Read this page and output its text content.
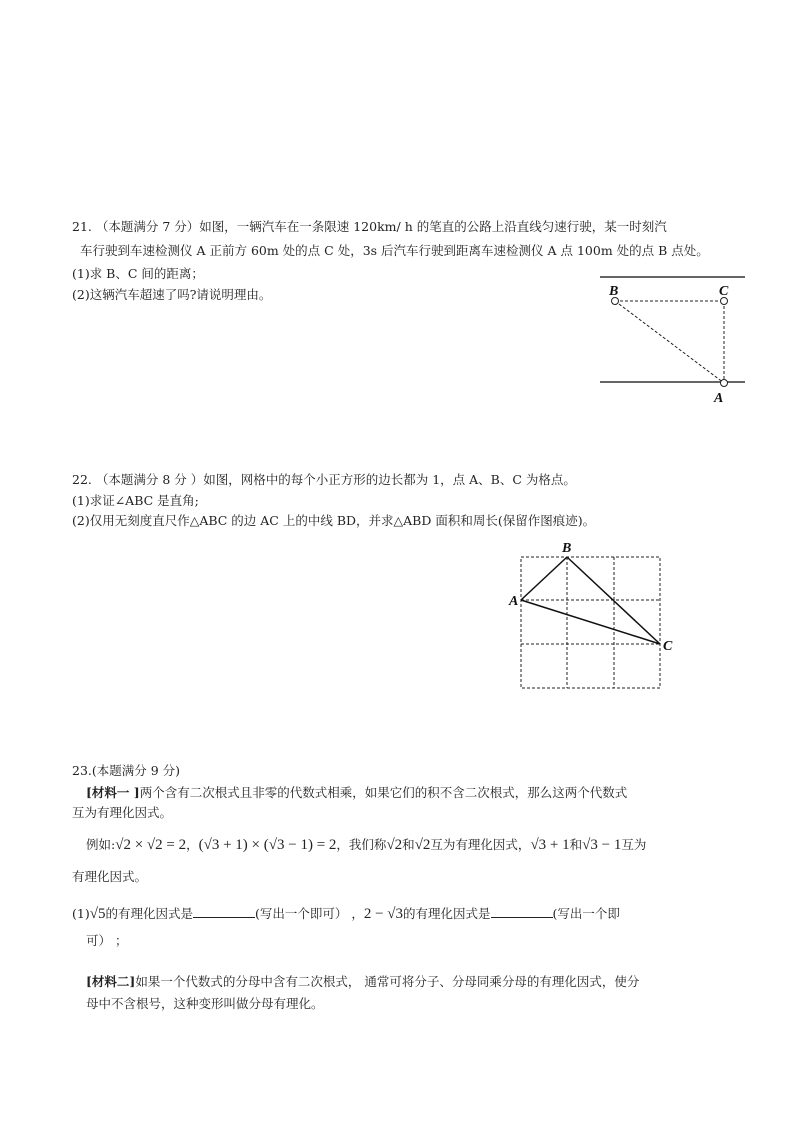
21. （本题满分 7 分）如图，一辆汽车在一条限速 120km/ h 的笔直的公路上沿直线匀速行驶，某一时刻汽
车行驶到车速检测仪 A 正前方 60m 处的点 C 处，3s 后汽车行驶到距离车速检测仪 A 点 100m 处的点 B 点处。
(1)求 B、C 间的距离；
(2)这辆汽车超速了吗?请说明理由。	B	C
A
B
A
C
22. （本题满分 8 分 ）如图，网格中的每个小正方形的边长都为 1，点 A、B、C 为格点。
(1)求证∠ABC 是直角;
(2)仅用无刻度直尺作△ABC 的边 AC 上的中线 BD，并求△ABD 面积和周长(保留作图痕迹)。
23.(本题满分 9 分)
[材料一 ]两个含有二次根式且非零的代数式相乘，如果它们的积不含二次根式，那么这两个代数式
互为有理化因式。
例如:√2 × √2 = 2，(√3 + 1) × (√3 − 1) = 2，我们称√2和√2互为有理化因式，√3 + 1和√3 − 1互为
有理化因式。
(1)√5的有理化因式是	(写出一个即可） ，2 − √3的有理化因式是	(写出一个即
可） ；
[材料二]如果一个代数式的分母中含有二次根式， 通常可将分子、分母同乘分母的有理化因式，使分
母中不含根号，这种变形叫做分母有理化。
